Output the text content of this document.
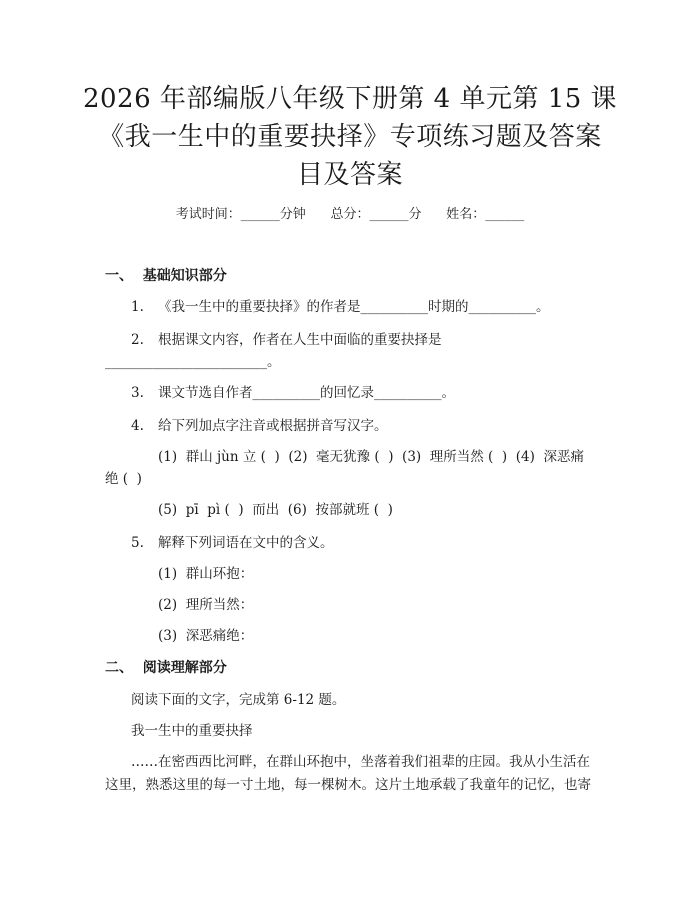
2026 年部编版八年级下册第 4 单元第 15 课
《我一生中的重要抉择》专项练习题及答案
目及答案
考试时间：______分钟      总分：______分      姓名：______
一、  基础知识部分
1. 《我一生中的重要抉择》的作者是__________时期的__________。
2. 根据课文内容，作者在人生中面临的重要抉择是
________________________。
3. 课文节选自作者__________的回忆录__________。
4. 给下列加点字注音或根据拼音写汉字。
(1)  群山 jùn 立 (  )  (2)  毫无犹豫 (  )  (3)  理所当然 (  )  (4)  深恶痛
绝 (  )
(5)  pī  pì (  )  而出  (6)  按部就班 (  )
5. 解释下列词语在文中的含义。
(1)  群山环抱：
(2)  理所当然：
(3)  深恶痛绝：
二、  阅读理解部分
阅读下面的文字，完成第 6-12 题。
我一生中的重要抉择
……在密西西比河畔，在群山环抱中，坐落着我们祖辈的庄园。我从小生活在
这里，熟悉这里的每一寸土地，每一棵树木。这片土地承载了我童年的记忆，也寄
